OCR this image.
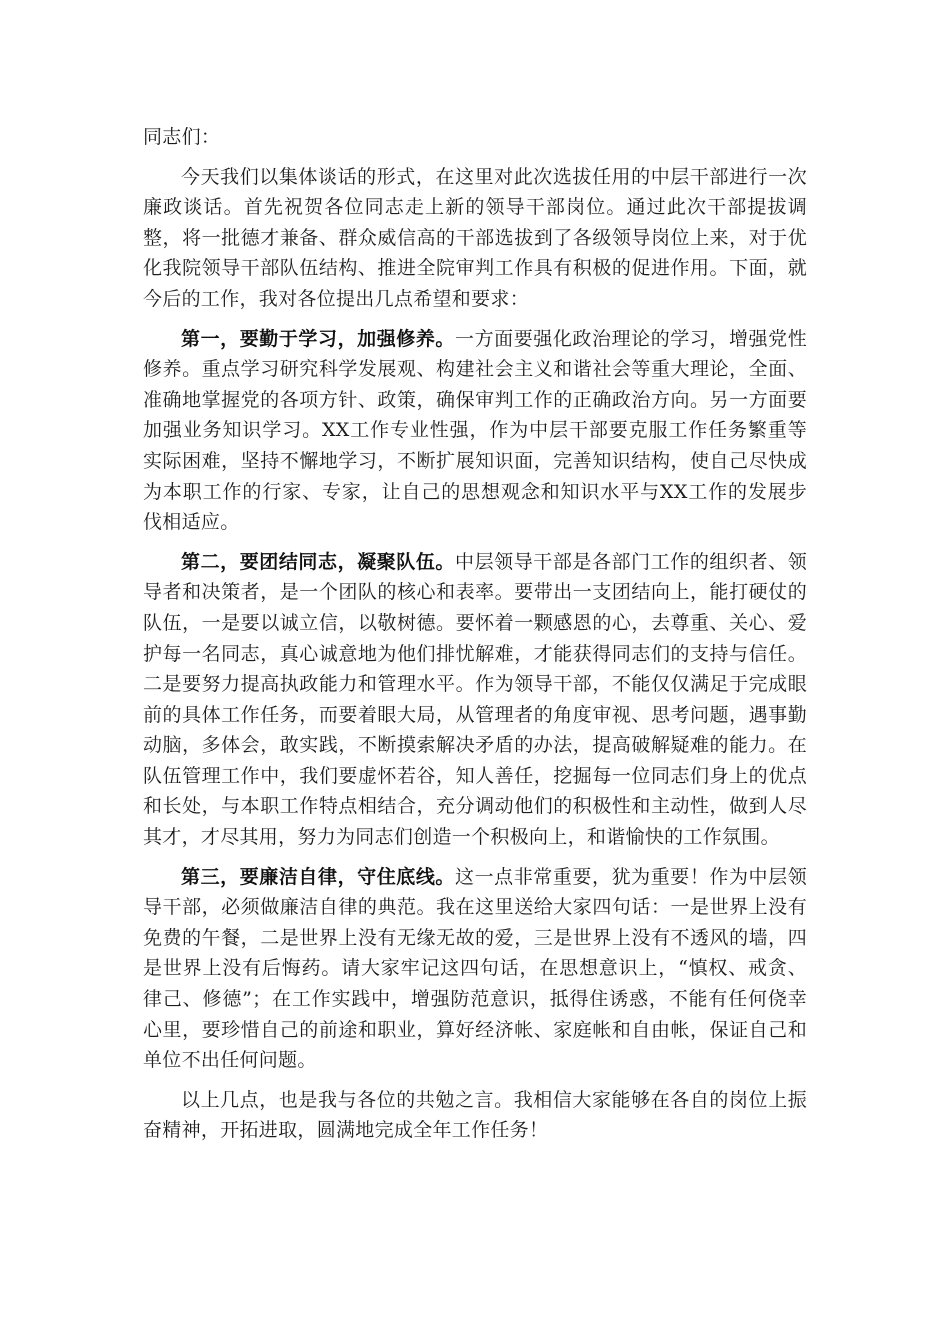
同志们：

今天我们以集体谈话的形式，在这里对此次选拔任用的中层干部进行一次廉政谈话。首先祝贺各位同志走上新的领导干部岗位。通过此次干部提拔调整，将一批德才兼备、群众威信高的干部选拔到了各级领导岗位上来，对于优化我院领导干部队伍结构、推进全院审判工作具有积极的促进作用。下面，就今后的工作，我对各位提出几点希望和要求：

第一，要勤于学习，加强修养。一方面要强化政治理论的学习，增强党性修养。重点学习研究科学发展观、构建社会主义和谐社会等重大理论，全面、准确地掌握党的各项方针、政策，确保审判工作的正确政治方向。另一方面要加强业务知识学习。XX工作专业性强，作为中层干部要克服工作任务繁重等实际困难，坚持不懈地学习，不断扩展知识面，完善知识结构，使自己尽快成为本职工作的行家、专家，让自己的思想观念和知识水平与XX工作的发展步伐相适应。

第二，要团结同志，凝聚队伍。中层领导干部是各部门工作的组织者、领导者和决策者，是一个团队的核心和表率。要带出一支团结向上，能打硬仗的队伍，一是要以诚立信，以敬树德。要怀着一颗感恩的心，去尊重、关心、爱护每一名同志，真心诚意地为他们排忧解难，才能获得同志们的支持与信任。二是要努力提高执政能力和管理水平。作为领导干部，不能仅仅满足于完成眼前的具体工作任务，而要着眼大局，从管理者的角度审视、思考问题，遇事勤动脑，多体会，敢实践，不断摸索解决矛盾的办法，提高破解疑难的能力。在队伍管理工作中，我们要虚怀若谷，知人善任，挖掘每一位同志们身上的优点和长处，与本职工作特点相结合，充分调动他们的积极性和主动性，做到人尽其才，才尽其用，努力为同志们创造一个积极向上，和谐愉快的工作氛围。

第三，要廉洁自律，守住底线。这一点非常重要，犹为重要！作为中层领导干部，必须做廉洁自律的典范。我在这里送给大家四句话：一是世界上没有免费的午餐，二是世界上没有无缘无故的爱，三是世界上没有不透风的墙，四是世界上没有后悔药。请大家牢记这四句话，在思想意识上，“慎权、戒贪、律己、修德”；在工作实践中，增强防范意识，抵得住诱惑，不能有任何侥幸心里，要珍惜自己的前途和职业，算好经济帐、家庭帐和自由帐，保证自己和单位不出任何问题。

以上几点，也是我与各位的共勉之言。我相信大家能够在各自的岗位上振奋精神，开拓进取，圆满地完成全年工作任务！
